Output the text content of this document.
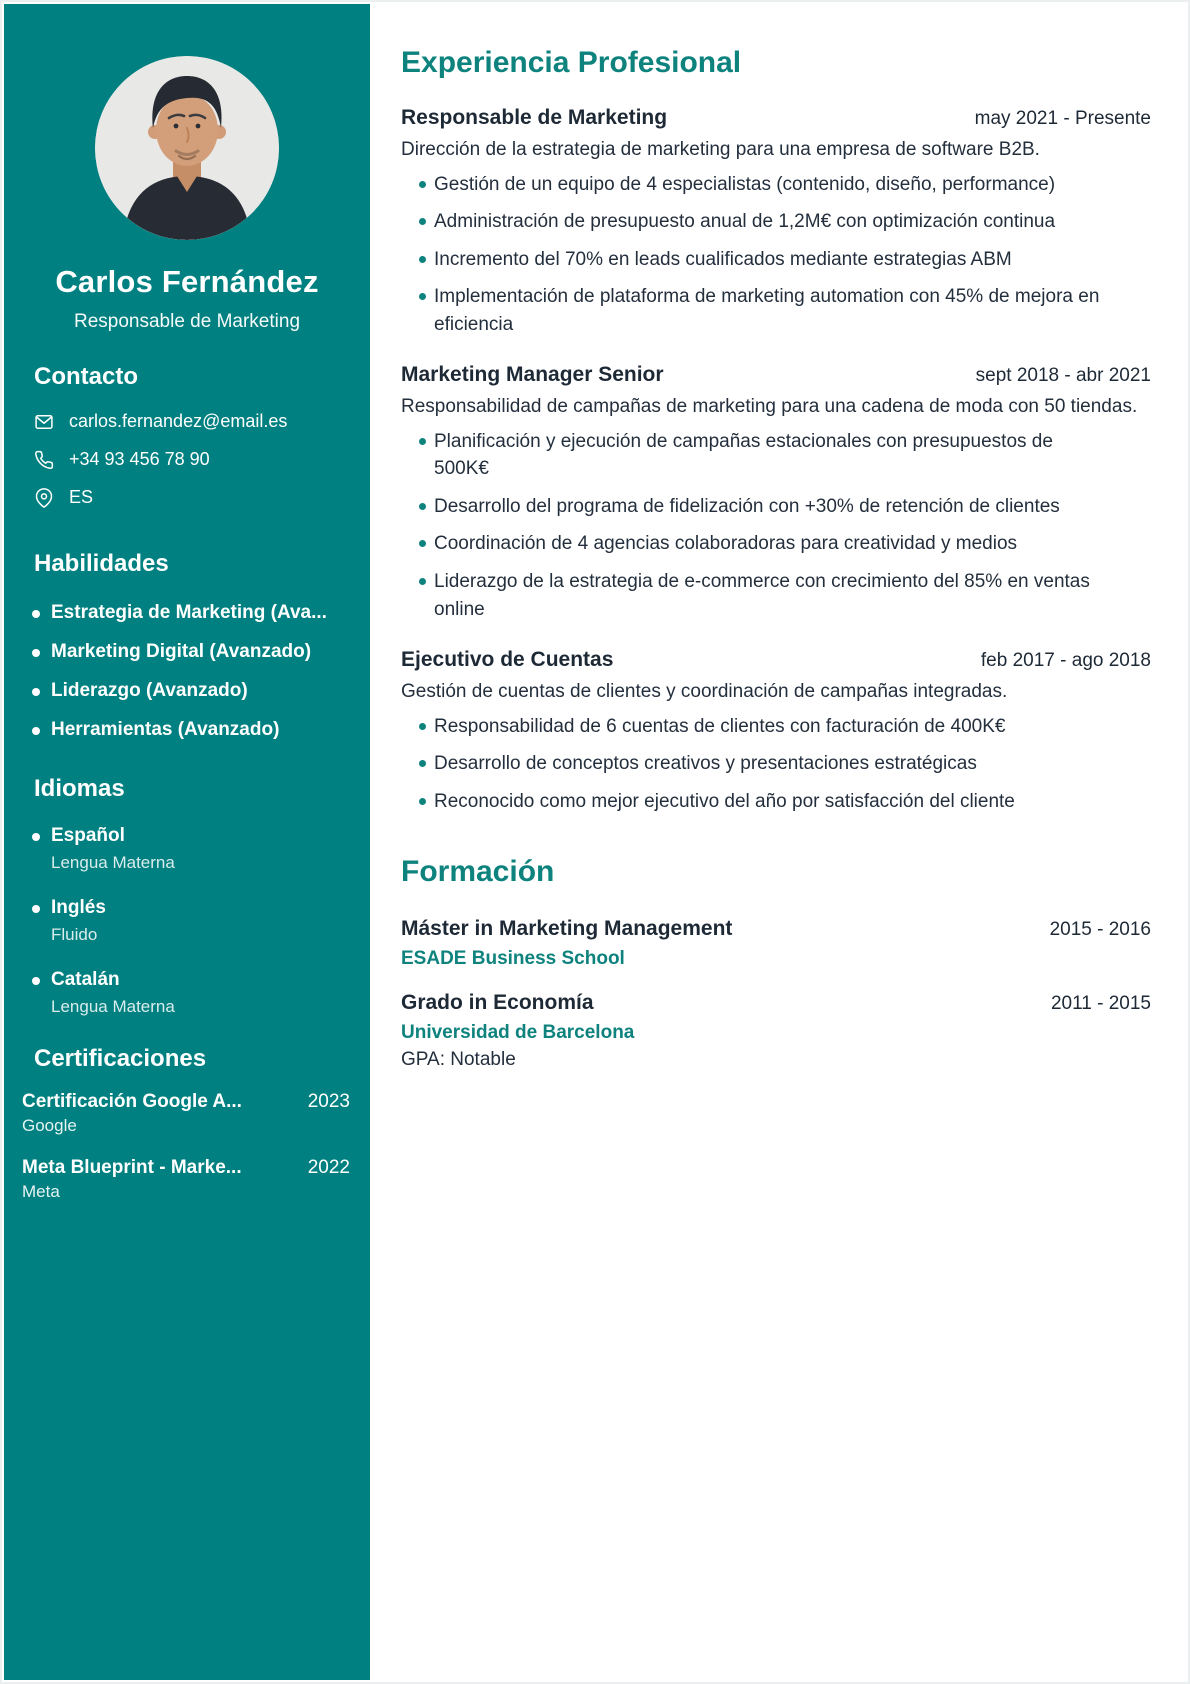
Carlos Fernández
Responsable de Marketing
Contacto
carlos.fernandez@email.es
+34 93 456 78 90
ES
Habilidades
Estrategia de Marketing (Ava...
Marketing Digital (Avanzado)
Liderazgo (Avanzado)
Herramientas (Avanzado)
Idiomas
Español
Lengua Materna
Inglés
Fluido
Catalán
Lengua Materna
Certificaciones
Certificación Google A...	2023
Google
Meta Blueprint - Marke...	2022
Meta
Experiencia Profesional
Responsable de Marketing	may 2021 - Presente

Dirección de la estrategia de marketing para una empresa de software B2B.

Gestión de un equipo de 4 especialistas (contenido, diseño, performance)
Administración de presupuesto anual de 1,2M€ con optimización continua
Incremento del 70% en leads cualificados mediante estrategias ABM
Implementación de plataforma de marketing automation con 45% de mejora en eficiencia
Marketing Manager Senior	sept 2018 - abr 2021

Responsabilidad de campañas de marketing para una cadena de moda con 50 tiendas.

Planificación y ejecución de campañas estacionales con presupuestos de 500K€
Desarrollo del programa de fidelización con +30% de retención de clientes
Coordinación de 4 agencias colaboradoras para creatividad y medios
Liderazgo de la estrategia de e-commerce con crecimiento del 85% en ventas online
Ejecutivo de Cuentas	feb 2017 - ago 2018

Gestión de cuentas de clientes y coordinación de campañas integradas.

Responsabilidad de 6 cuentas de clientes con facturación de 400K€
Desarrollo de conceptos creativos y presentaciones estratégicas
Reconocido como mejor ejecutivo del año por satisfacción del cliente
Formación
Máster in Marketing Management	2015 - 2016
ESADE Business School
Grado in Economía	2011 - 2015
Universidad de Barcelona
GPA: Notable
